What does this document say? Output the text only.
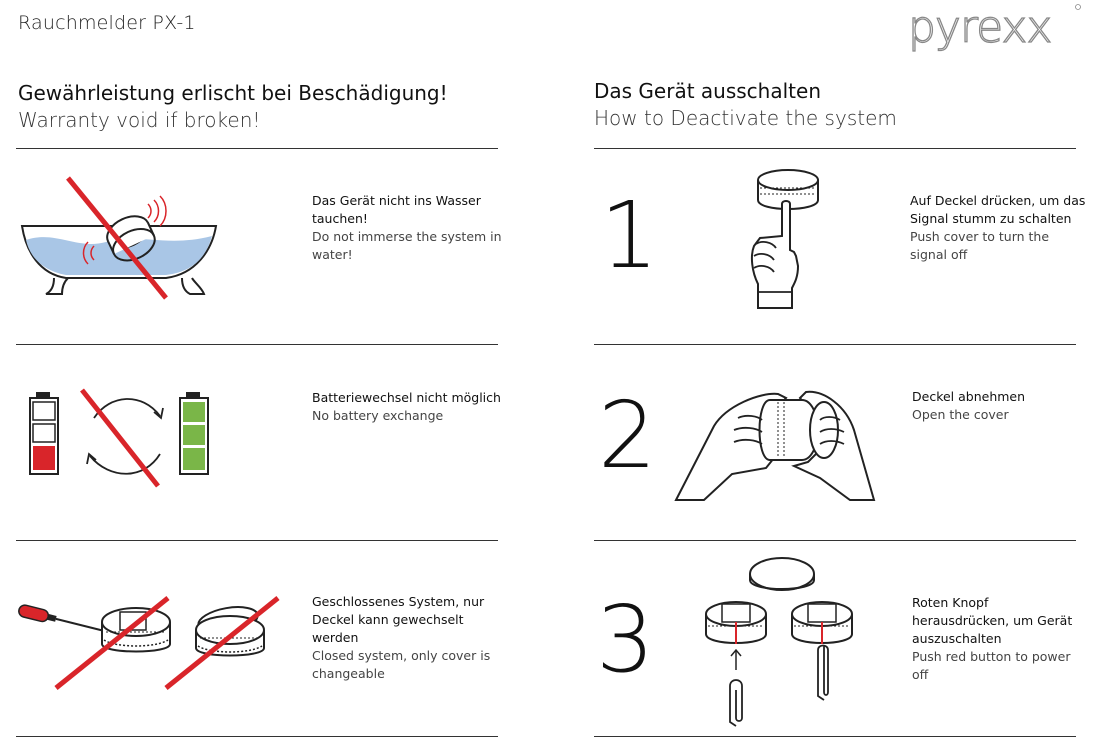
Rauchmelder PX-1	pyrexx
Gewährleistung erlischt bei Beschädigung!
Warranty void if broken!
Das Gerät ausschalten
How to Deactivate the system
Das Gerät nicht ins Wasser tauchen!
Do not immerse the system in water!
Batteriewechsel nicht möglich
No battery exchange
Geschlossenes System, nur Deckel kann gewechselt werden
Closed system, only cover is changeable
1	Auf Deckel drücken, um das Signal stumm zu schalten
Push cover to turn the signal off
2	Deckel abnehmen
Open the cover
3	Roten Knopf herausdrücken, um Gerät auszuschalten
Push red button to power off
